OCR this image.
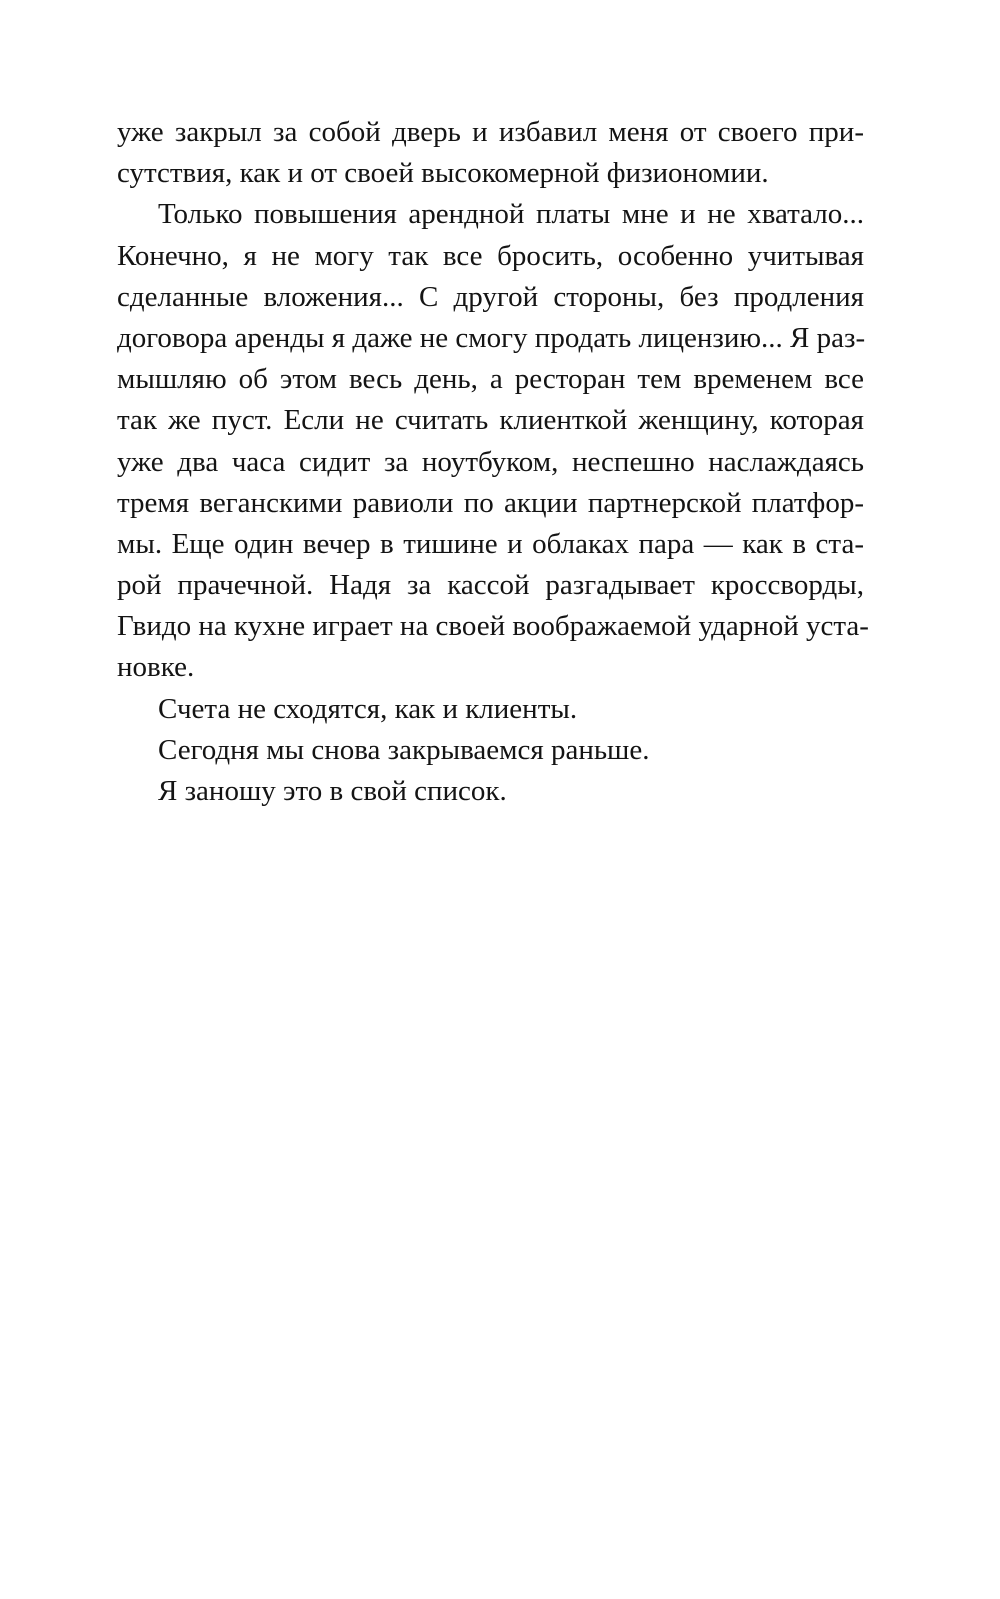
уже закрыл за собой дверь и избавил меня от своего при-
сутствия, как и от своей высокомерной физиономии.
Только повышения арендной платы мне и не хватало...
Конечно, я не могу так все бросить, особенно учитывая
сделанные вложения... С другой стороны, без продления
договора аренды я даже не смогу продать лицензию... Я раз-
мышляю об этом весь день, а ресторан тем временем все
так же пуст. Если не считать клиенткой женщину, которая
уже два часа сидит за ноутбуком, неспешно наслаждаясь
тремя веганскими равиоли по акции партнерской платфор-
мы. Еще один вечер в тишине и облаках пара — как в ста-
рой прачечной. Надя за кассой разгадывает кроссворды,
Гвидо на кухне играет на своей воображаемой ударной уста-
новке.
Счета не сходятся, как и клиенты.
Сегодня мы снова закрываемся раньше.
Я заношу это в свой список.
